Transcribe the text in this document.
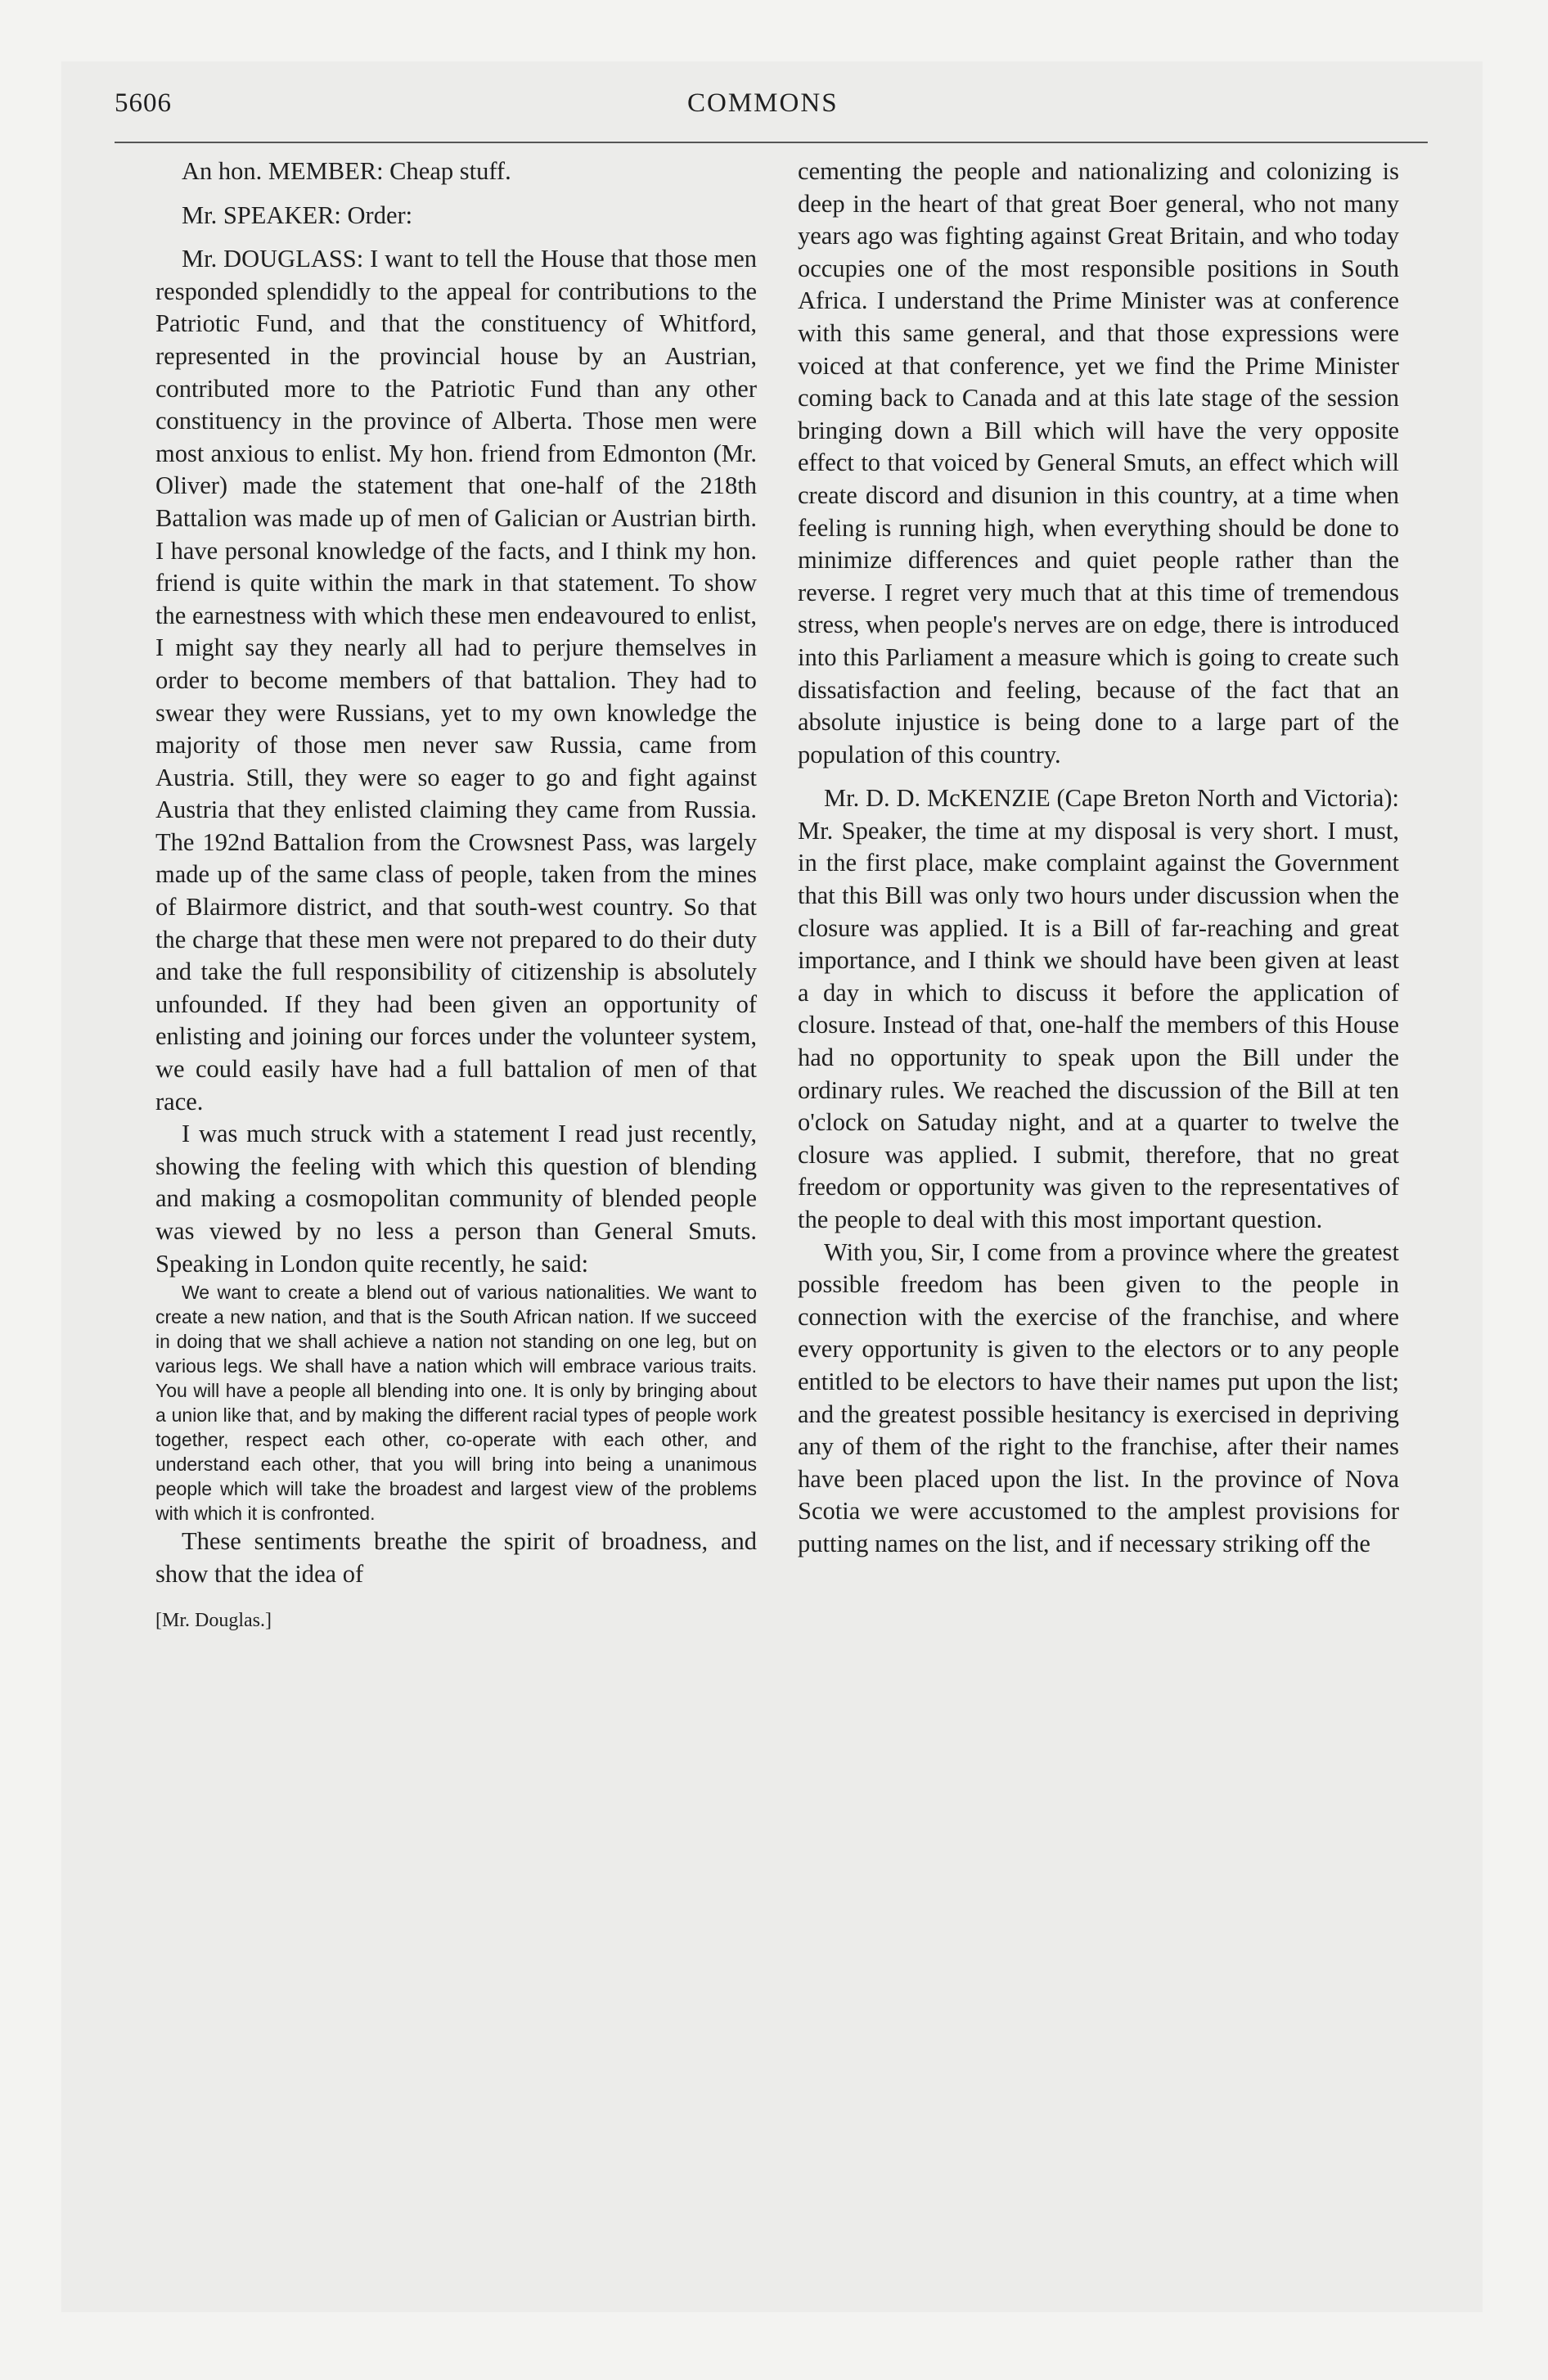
5606	COMMONS

An hon. MEMBER: Cheap stuff.

Mr. SPEAKER: Order:

Mr. DOUGLASS: I want to tell the House that those men responded splendidly to the appeal for contributions to the Patriotic Fund, and that the constituency of Whitford, represented in the provincial house by an Austrian, contributed more to the Patriotic Fund than any other constituency in the province of Alberta. Those men were most anxious to enlist. My hon. friend from Edmonton (Mr. Oliver) made the statement that one-half of the 218th Battalion was made up of men of Galician or Austrian birth. I have personal knowledge of the facts, and I think my hon. friend is quite within the mark in that statement. To show the earnestness with which these men endeavoured to enlist, I might say they nearly all had to perjure themselves in order to become members of that battalion. They had to swear they were Russians, yet to my own knowledge the majority of those men never saw Russia, came from Austria. Still, they were so eager to go and fight against Austria that they enlisted claiming they came from Russia. The 192nd Battalion from the Crowsnest Pass, was largely made up of the same class of people, taken from the mines of Blairmore district, and that south-west country. So that the charge that these men were not prepared to do their duty and take the full responsibility of citizenship is absolutely unfounded. If they had been given an opportunity of enlisting and joining our forces under the volunteer system, we could easily have had a full battalion of men of that race.

I was much struck with a statement I read just recently, showing the feeling with which this question of blending and making a cosmopolitan community of blended people was viewed by no less a person than General Smuts. Speaking in London quite recently, he said:

We want to create a blend out of various nationalities. We want to create a new nation, and that is the South African nation. If we succeed in doing that we shall achieve a nation not standing on one leg, but on various legs. We shall have a nation which will embrace various traits. You will have a people all blending into one. It is only by bringing about a union like that, and by making the different racial types of people work together, respect each other, co-operate with each other, and understand each other, that you will bring into being a unanimous people which will take the broadest and largest view of the problems with which it is confronted.

These sentiments breathe the spirit of broadness, and show that the idea of

[Mr. Douglas.]

cementing the people and nationalizing and colonizing is deep in the heart of that great Boer general, who not many years ago was fighting against Great Britain, and who today occupies one of the most responsible positions in South Africa. I understand the Prime Minister was at conference with this same general, and that those expressions were voiced at that conference, yet we find the Prime Minister coming back to Canada and at this late stage of the session bringing down a Bill which will have the very opposite effect to that voiced by General Smuts, an effect which will create discord and disunion in this country, at a time when feeling is running high, when everything should be done to minimize differences and quiet people rather than the reverse. I regret very much that at this time of tremendous stress, when people's nerves are on edge, there is introduced into this Parliament a measure which is going to create such dissatisfaction and feeling, because of the fact that an absolute injustice is being done to a large part of the population of this country.

Mr. D. D. McKENZIE (Cape Breton North and Victoria): Mr. Speaker, the time at my disposal is very short. I must, in the first place, make complaint against the Government that this Bill was only two hours under discussion when the closure was applied. It is a Bill of far-reaching and great importance, and I think we should have been given at least a day in which to discuss it before the application of closure. Instead of that, one-half the members of this House had no opportunity to speak upon the Bill under the ordinary rules. We reached the discussion of the Bill at ten o'clock on Satuday night, and at a quarter to twelve the closure was applied. I submit, therefore, that no great freedom or opportunity was given to the representatives of the people to deal with this most important question.

With you, Sir, I come from a province where the greatest possible freedom has been given to the people in connection with the exercise of the franchise, and where every opportunity is given to the electors or to any people entitled to be electors to have their names put upon the list; and the greatest possible hesitancy is exercised in depriving any of them of the right to the franchise, after their names have been placed upon the list. In the province of Nova Scotia we were accustomed to the amplest provisions for putting names on the list, and if necessary striking off the
